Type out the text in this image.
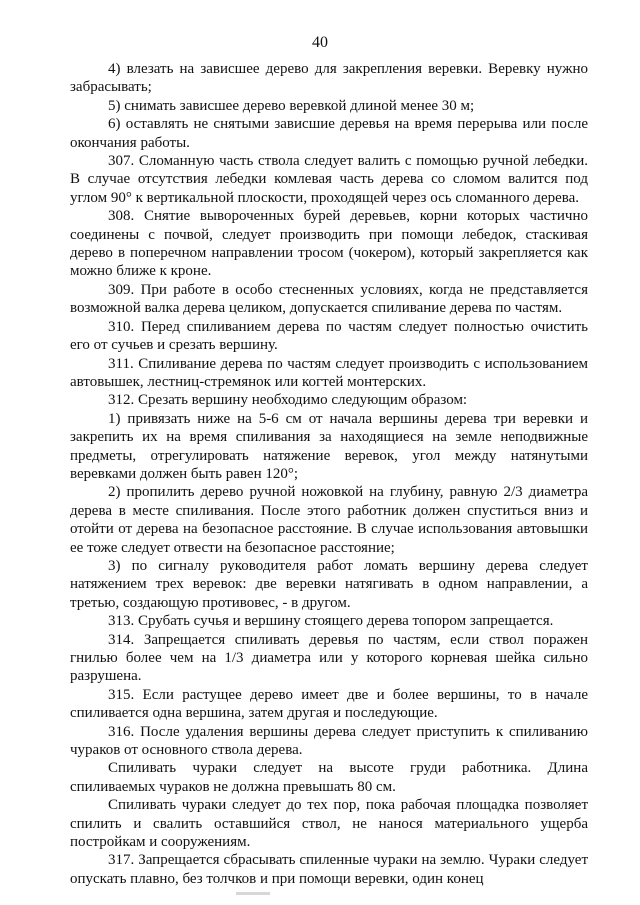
40

4) влезать на зависшее дерево для закрепления веревки. Веревку нужно забрасывать;

5) снимать зависшее дерево веревкой длиной менее 30 м;

6) оставлять не снятыми зависшие деревья на время перерыва или после окончания работы.

307. Сломанную часть ствола следует валить с помощью ручной лебедки. В случае отсутствия лебедки комлевая часть дерева со сломом валится под углом 90° к вертикальной плоскости, проходящей через ось сломанного дерева.

308. Снятие вывороченных бурей деревьев, корни которых частично соединены с почвой, следует производить при помощи лебедок, стаскивая дерево в поперечном направлении тросом (чокером), который закрепляется как можно ближе к кроне.

309. При работе в особо стесненных условиях, когда не представляется возможной валка дерева целиком, допускается спиливание дерева по частям.

310. Перед спиливанием дерева по частям следует полностью очистить его от сучьев и срезать вершину.

311. Спиливание дерева по частям следует производить с использованием автовышек, лестниц-стремянок или когтей монтерских.

312. Срезать вершину необходимо следующим образом:

1) привязать ниже на 5-6 см от начала вершины дерева три веревки и закрепить их на время спиливания за находящиеся на земле неподвижные предметы, отрегулировать натяжение веревок, угол между натянутыми веревками должен быть равен 120°;

2) пропилить дерево ручной ножовкой на глубину, равную 2/3 диаметра дерева в месте спиливания. После этого работник должен спуститься вниз и отойти от дерева на безопасное расстояние. В случае использования автовышки ее тоже следует отвести на безопасное расстояние;

3) по сигналу руководителя работ ломать вершину дерева следует натяжением трех веревок: две веревки натягивать в одном направлении, а третью, создающую противовес, - в другом.

313. Срубать сучья и вершину стоящего дерева топором запрещается.

314. Запрещается спиливать деревья по частям, если ствол поражен гнилью более чем на 1/3 диаметра или у которого корневая шейка сильно разрушена.

315. Если растущее дерево имеет две и более вершины, то в начале спиливается одна вершина, затем другая и последующие.

316. После удаления вершины дерева следует приступить к спиливанию чураков от основного ствола дерева.

Спиливать чураки следует на высоте груди работника. Длина спиливаемых чураков не должна превышать 80 см.

Спиливать чураки следует до тех пор, пока рабочая площадка позволяет спилить и свалить оставшийся ствол, не нанося материального ущерба постройкам и сооружениям.

317. Запрещается сбрасывать спиленные чураки на землю. Чураки следует опускать плавно, без толчков и при помощи веревки, один конец
